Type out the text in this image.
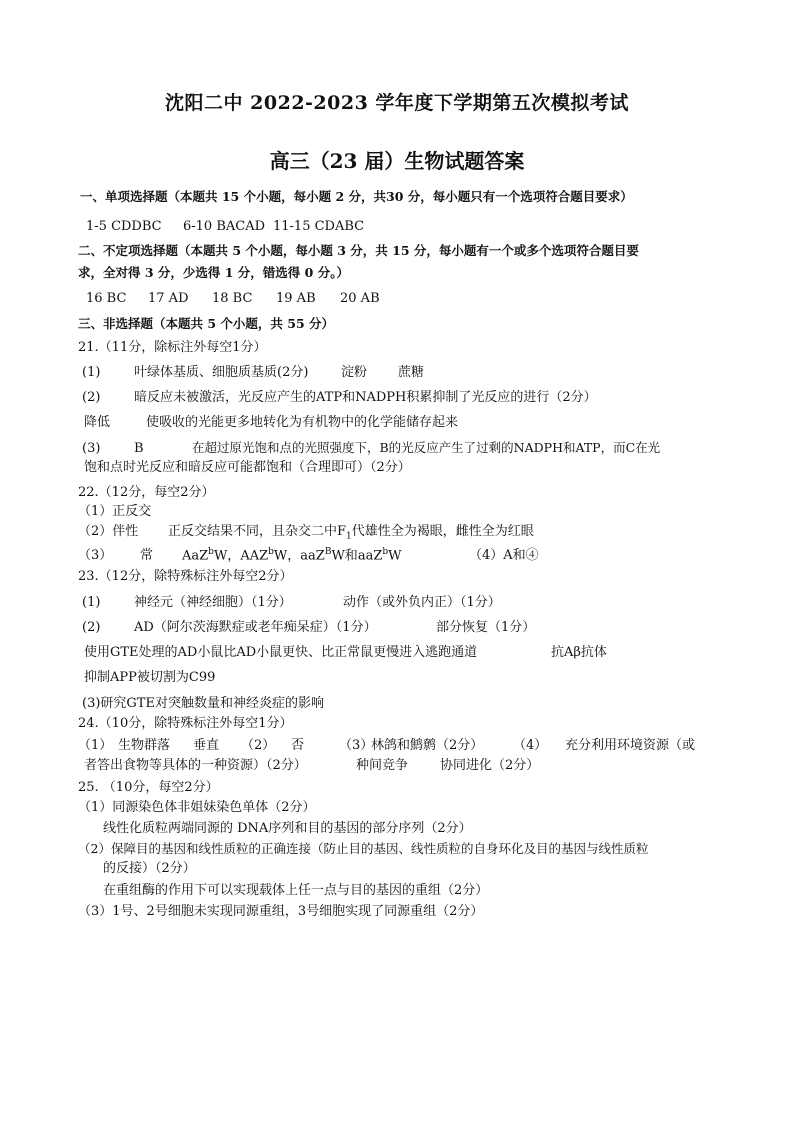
沈阳二中 2022-2023 学年度下学期第五次模拟考试
高三（23 届）生物试题答案
一、单项选择题（本题共 15 个小题，每小题 2 分，共30 分，每小题只有一个选项符合题目要求）
1-5 CDDBC 6-10 BACAD 11-15 CDABC
二、不定项选择题（本题共 5 个小题，每小题 3 分，共 15 分，每小题有一个或多个选项符合题目要
求，全对得 3 分，少选得 1 分，错选得 0 分。）
16 BC 17 AD 18 BC 19 AB 20 AB
三、非选择题（本题共 5 个小题，共 55 分）
21.（11分，除标注外每空1分）
(1)	叶绿体基质、细胞质基质(2分)	淀粉 蔗糖
(2)	暗反应未被激活，光反应产生的ATP和NADPH积累抑制了光反应的进行（2分）
降低	使吸收的光能更多地转化为有机物中的化学能储存起来
(3)	B	在超过原光饱和点的光照强度下，B的光反应产生了过剩的NADPH和ATP，而C在光
饱和点时光反应和暗反应可能都饱和（合理即可）（2分）
22.（12分，每空2分）
（1）正反交
（2）伴性 正反交结果不同，且杂交二中$F_1$代雄性全为褐眼，雌性全为红眼
（3） 常 AaZ$^b$W，AAZ$^b$W，aaZ$^B$W和aaZ$^b$W	（4）A和④
23.（12分，除特殊标注外每空2分）
(1)	神经元（神经细胞）（1分）	动作（或外负内正）（1分）
(2)	AD（阿尔茨海默症或老年痴呆症）（1分）	部分恢复（1分）
使用GTE处理的AD小鼠比AD小鼠更快、比正常鼠更慢进入逃跑通道	抗Aβ抗体
抑制APP被切割为C99
(3)研究GTE对突触数量和神经炎症的影响
24.（10分，除特殊标注外每空1分）
（1） 生物群落 垂直 （2） 否	（3）林鸽和鹪鹩（2分） （4） 充分利用环境资源（或
者答出食物等具体的一种资源）（2分）	种间竞争 协同进化（2分）
25. （10分，每空2分）
（1）同源染色体非姐妹染色单体（2分）
线性化质粒两端同源的 DNA序列和目的基因的部分序列（2分）
（2）保障目的基因和线性质粒的正确连接（防止目的基因、线性质粒的自身环化及目的基因与线性质粒
的反接）（2分）
在重组酶的作用下可以实现载体上任一点与目的基因的重组（2分）
（3）1号、2号细胞未实现同源重组，3号细胞实现了同源重组（2分）
